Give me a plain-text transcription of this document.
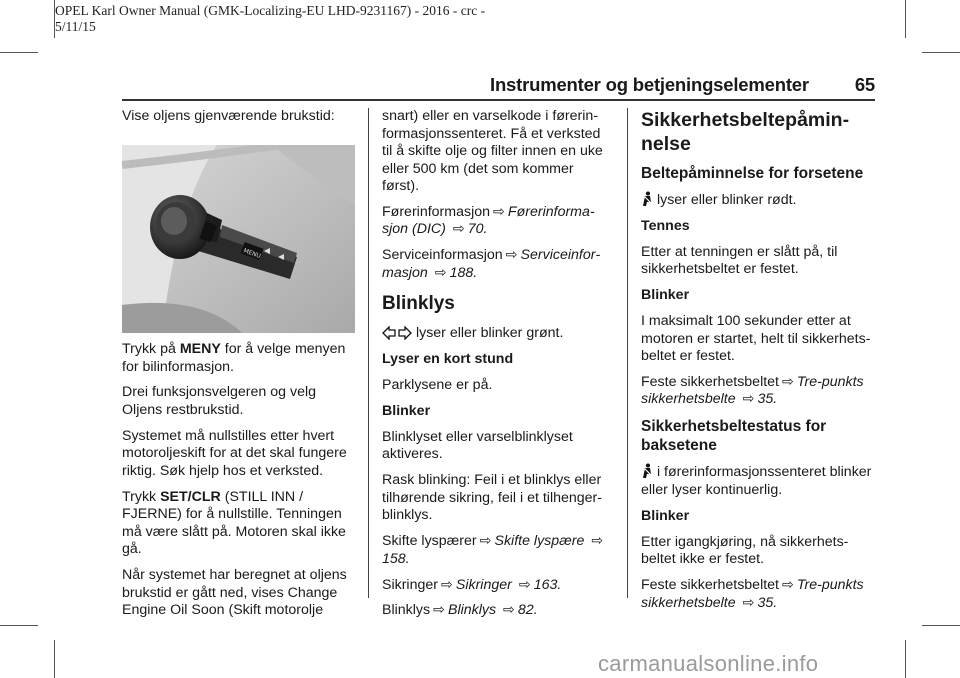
OPEL Karl Owner Manual (GMK-Localizing-EU LHD-9231167) - 2016 - crc -
5/11/15
Instrumenter og betjeningselementer 65

Vise oljens gjenværende brukstid:

MENU

Trykk på MENY for å velge menyen for bilinformasjon.

Drei funksjonsvelgeren og velg Oljens restbrukstid.

Systemet må nullstilles etter hvert motoroljeskift for at det skal fungere riktig. Søk hjelp hos et verksted.

Trykk SET/CLR (STILL INN / FJERNE) for å nullstille. Tenningen må være slått på. Motoren skal ikke gå.

Når systemet har beregnet at oljens brukstid er gått ned, vises Change Engine Oil Soon (Skift motorolje

snart) eller en varselkode i førerinformasjonssenteret. Få et verksted til å skifte olje og filter innen en uke eller 500 km (det som kommer først).

Førerinformasjon ⇨ Førerinformasjon (DIC) ⇨ 70.

Serviceinformasjon ⇨ Serviceinformasjon ⇨ 188.

Blinklys

lyser eller blinker grønt.

Lyser en kort stund

Parklysene er på.

Blinker

Blinklyset eller varselblinklyset aktiveres.

Rask blinking: Feil i et blinklys eller tilhørende sikring, feil i et tilhengerblinklys.

Skifte lyspærer ⇨ Skifte lyspære ⇨158.

Sikringer ⇨ Sikringer ⇨ 163.

Blinklys ⇨ Blinklys ⇨ 82.

Sikkerhetsbeltepåminnelse
Beltepåminnelse for forsetene

lyser eller blinker rødt.

Tennes

Etter at tenningen er slått på, til sikkerhetsbeltet er festet.

Blinker

I maksimalt 100 sekunder etter at motoren er startet, helt til sikkerhetsbeltet er festet.

Feste sikkerhetsbeltet ⇨ Tre-punkts sikkerhetsbelte ⇨ 35.

Sikkerhetsbeltestatus for baksetene

i førerinformasjonssenteret blinker eller lyser kontinuerlig.

Blinker

Etter igangkjøring, nå sikkerhetsbeltet ikke er festet.

Feste sikkerhetsbeltet ⇨ Tre-punkts sikkerhetsbelte ⇨ 35.

carmanualsonline.info
